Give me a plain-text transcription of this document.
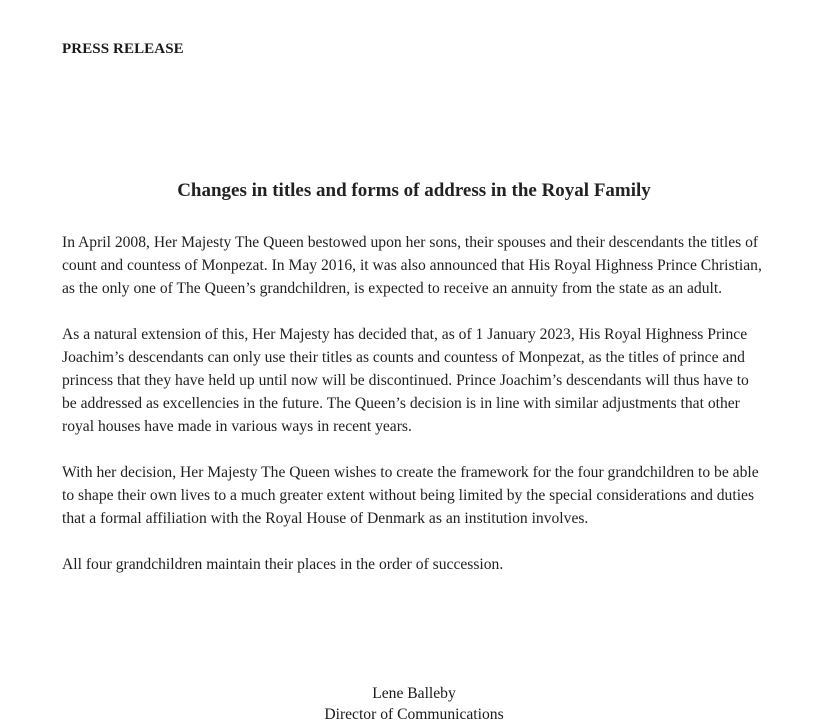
PRESS RELEASE
Changes in titles and forms of address in the Royal Family

In April 2008, Her Majesty The Queen bestowed upon her sons, their spouses and their descendants the titles of count and countess of Monpezat. In May 2016, it was also announced that His Royal Highness Prince Christian, as the only one of The Queen’s grandchildren, is expected to receive an annuity from the state as an adult.

As a natural extension of this, Her Majesty has decided that, as of 1 January 2023, His Royal Highness Prince Joachim’s descendants can only use their titles as counts and countess of Monpezat, as the titles of prince and princess that they have held up until now will be discontinued. Prince Joachim’s descendants will thus have to be addressed as excellencies in the future. The Queen’s decision is in line with similar adjustments that other royal houses have made in various ways in recent years.

With her decision, Her Majesty The Queen wishes to create the framework for the four grandchildren to be able to shape their own lives to a much greater extent without being limited by the special considerations and duties that a formal affiliation with the Royal House of Denmark as an institution involves.

All four grandchildren maintain their places in the order of succession.

Lene Balleby
Director of Communications
